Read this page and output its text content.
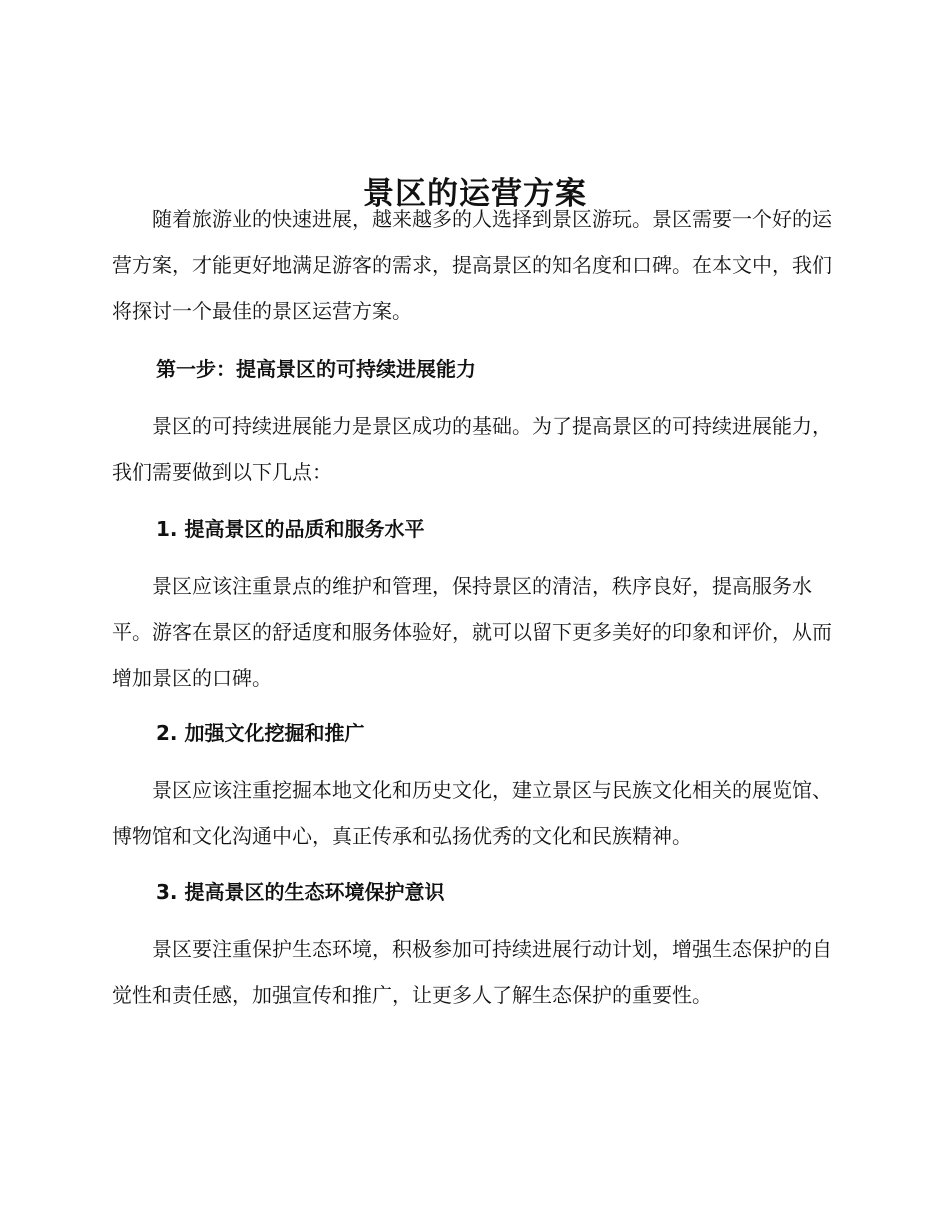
景区的运营方案

随着旅游业的快速进展，越来越多的人选择到景区游玩。景区需要一个好的运营方案，才能更好地满足游客的需求，提高景区的知名度和口碑。在本文中，我们将探讨一个最佳的景区运营方案。

第一步：提高景区的可持续进展能力

景区的可持续进展能力是景区成功的基础。为了提高景区的可持续进展能力，我们需要做到以下几点：

1. 提高景区的品质和服务水平

景区应该注重景点的维护和管理，保持景区的清洁，秩序良好，提高服务水平。游客在景区的舒适度和服务体验好，就可以留下更多美好的印象和评价，从而增加景区的口碑。

2. 加强文化挖掘和推广

景区应该注重挖掘本地文化和历史文化，建立景区与民族文化相关的展览馆、博物馆和文化沟通中心，真正传承和弘扬优秀的文化和民族精神。

3. 提高景区的生态环境保护意识

景区要注重保护生态环境，积极参加可持续进展行动计划，增强生态保护的自觉性和责任感，加强宣传和推广，让更多人了解生态保护的重要性。
